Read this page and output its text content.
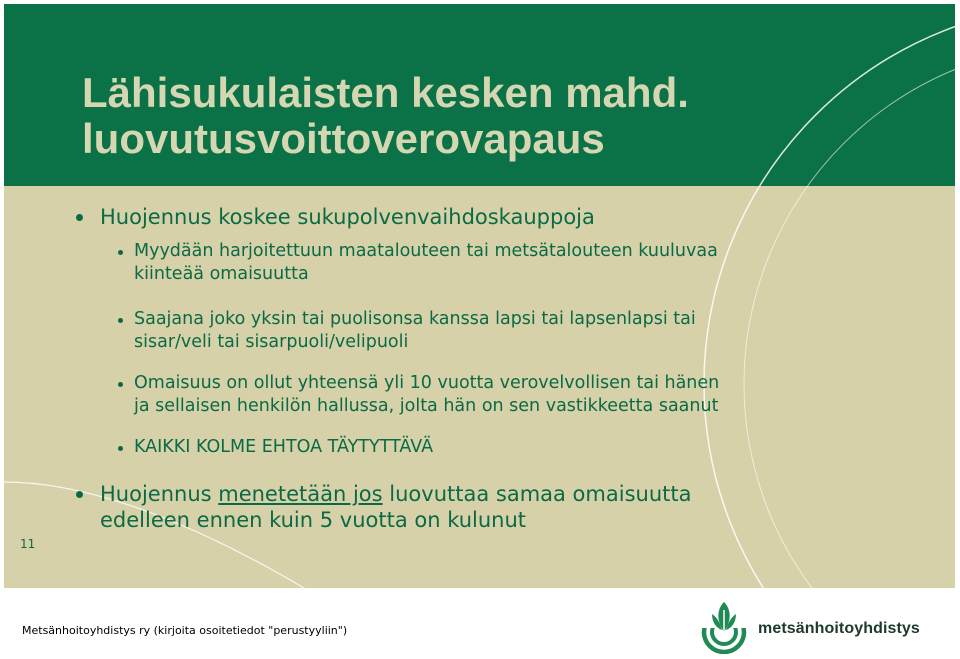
Lähisukulaisten kesken mahd.
luovutusvoittoverovapaus
Huojennus koskee sukupolvenvaihdoskauppoja
Myydään harjoitettuun maatalouteen tai metsätalouteen kuuluvaa
kiinteää omaisuutta
Saajana joko yksin tai puolisonsa kanssa lapsi tai lapsenlapsi tai
sisar/veli tai sisarpuoli/velipuoli
Omaisuus on ollut yhteensä yli 10 vuotta verovelvollisen tai hänen
ja sellaisen henkilön hallussa, jolta hän on sen vastikkeetta saanut
KAIKKI KOLME EHTOA TÄYTYTTÄVÄ
Huojennus menetetään jos luovuttaa samaa omaisuutta
edelleen ennen kuin 5 vuotta on kulunut
11
Metsänhoitoyhdistys ry (kirjoita osoitetiedot "perustyyliin")	metsänhoitoyhdistys
